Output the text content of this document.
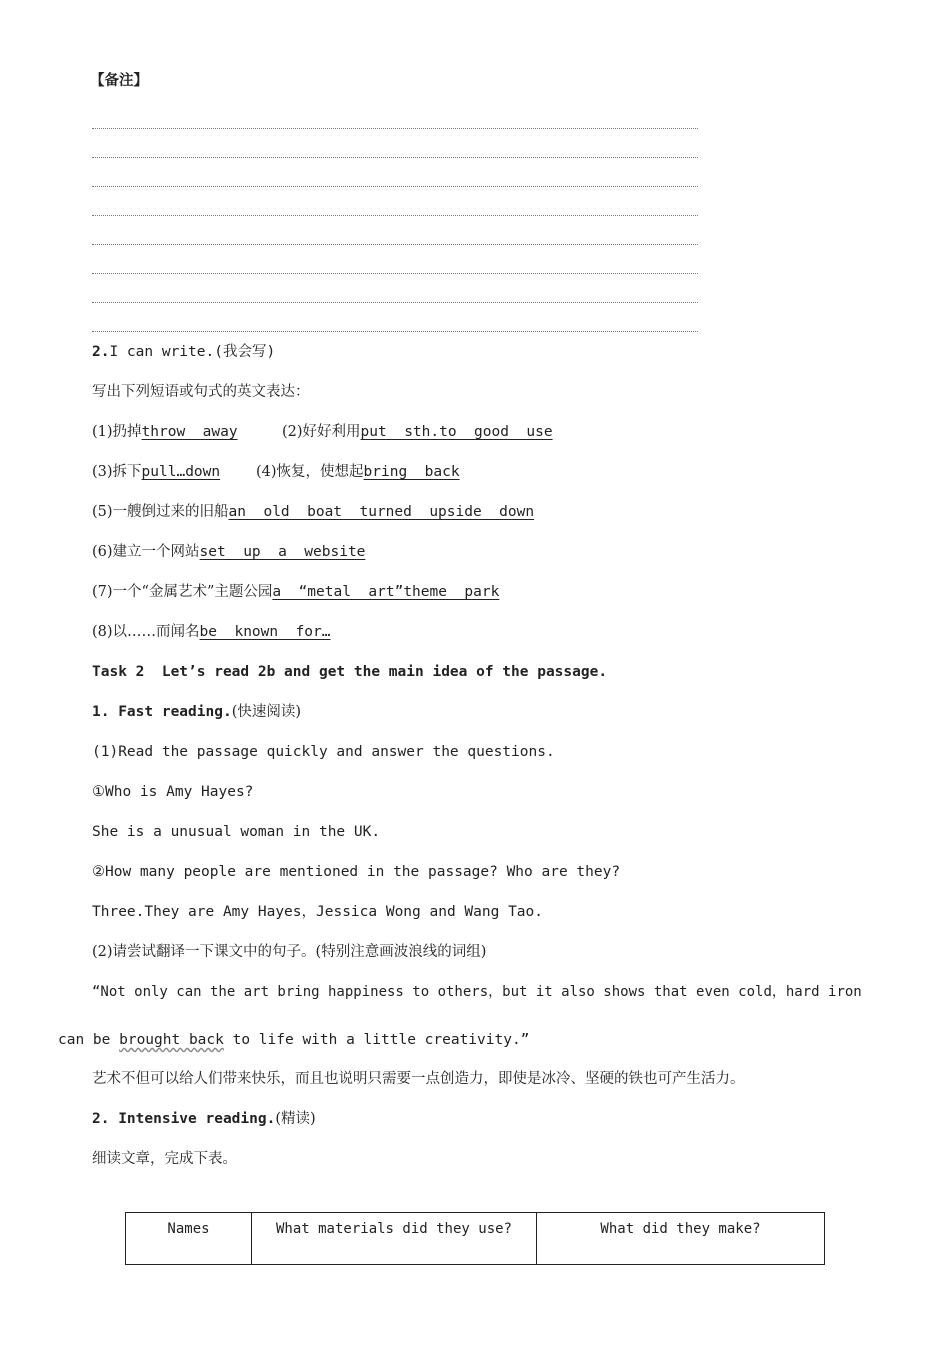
【备注】
2.I can write.(我会写)
写出下列短语或句式的英文表达：
(1)扔掉throw  away	(2)好好利用put  sth.to  good  use
(3)拆下pull…down (4)恢复，使想起bring  back
(5)一艘倒过来的旧船an  old  boat  turned  upside  down
(6)建立一个网站set  up  a  website
(7)一个“金属艺术”主题公园a  “metal  art”theme  park
(8)以……而闻名be  known  for…
Task 2  Let’s read 2b and get the main idea of the passage.
1. Fast reading.(快速阅读)
(1)Read the passage quickly and answer the questions.
①Who is Amy Hayes?
She is a unusual woman in the UK.
②How many people are mentioned in the passage? Who are they?
Three.They are Amy Hayes，Jessica Wong and Wang Tao.
(2)请尝试翻译一下课文中的句子。(特别注意画波浪线的词组)
“Not only can the art bring happiness to others，but it also shows that even cold，hard iron
can be brought back to life with a little creativity.”
艺术不但可以给人们带来快乐，而且也说明只需要一点创造力，即使是冰冷、坚硬的铁也可产生活力。
2. Intensive reading.(精读)
细读文章，完成下表。
Names	What materials did they use?	What did they make?
